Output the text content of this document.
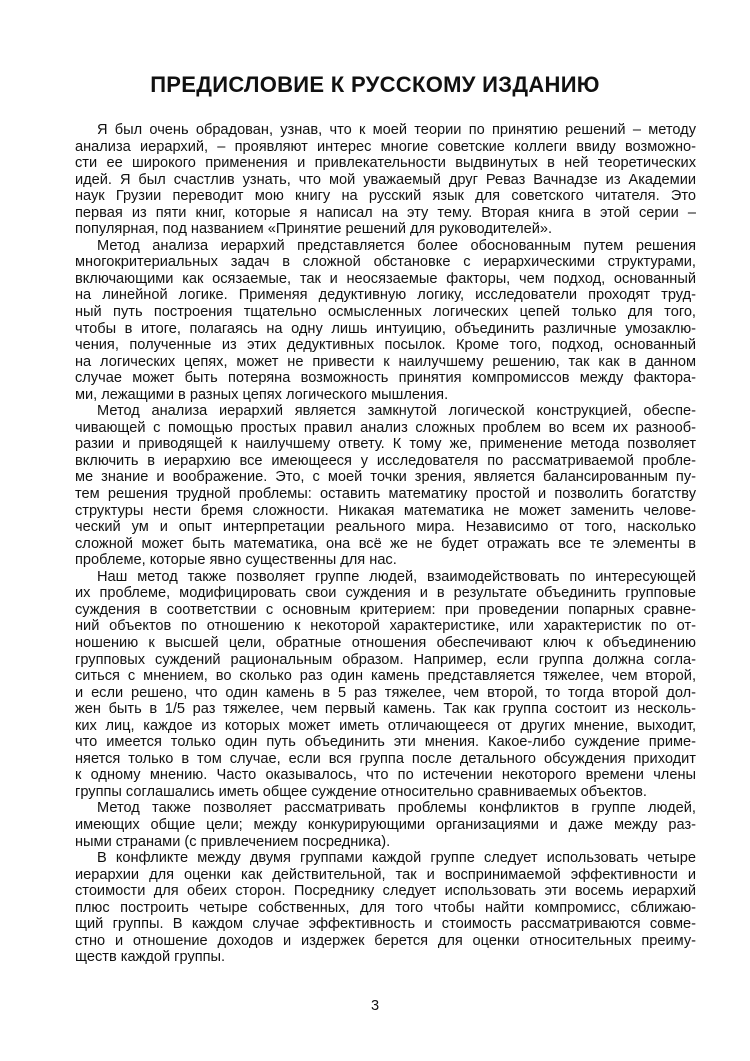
ПРЕДИСЛОВИЕ К РУССКОМУ ИЗДАНИЮ
Я был очень обрадован, узнав, что к моей теории по принятию решений – методу
анализа иерархий, – проявляют интерес многие советские коллеги ввиду возможно-
сти ее широкого применения и привлекательности выдвинутых в ней теоретических
идей. Я был счастлив узнать, что мой уважаемый друг Реваз Вачнадзе из Академии
наук Грузии переводит мою книгу на русский язык для советского читателя. Это
первая из пяти книг, которые я написал на эту тему. Вторая книга в этой серии –
популярная, под названием «Принятие решений для руководителей».
Метод анализа иерархий представляется более обоснованным путем решения
многокритериальных задач в сложной обстановке с иерархическими структурами,
включающими как осязаемые, так и неосязаемые факторы, чем подход, основанный
на линейной логике. Применяя дедуктивную логику, исследователи проходят труд-
ный путь построения тщательно осмысленных логических цепей только для того,
чтобы в итоге, полагаясь на одну лишь интуицию, объединить различные умозаклю-
чения, полученные из этих дедуктивных посылок. Кроме того, подход, основанный
на логических цепях, может не привести к наилучшему решению, так как в данном
случае может быть потеряна возможность принятия компромиссов между фактора-
ми, лежащими в разных цепях логического мышления.
Метод анализа иерархий является замкнутой логической конструкцией, обеспе-
чивающей с помощью простых правил анализ сложных проблем во всем их разнооб-
разии и приводящей к наилучшему ответу. К тому же, применение метода позволяет
включить в иерархию все имеющееся у исследователя по рассматриваемой пробле-
ме знание и воображение. Это, с моей точки зрения, является балансированным пу-
тем решения трудной проблемы: оставить математику простой и позволить богатству
структуры нести бремя сложности. Никакая математика не может заменить челове-
ческий ум и опыт интерпретации реального мира. Независимо от того, насколько
сложной может быть математика, она всё же не будет отражать все те элементы в
проблеме, которые явно существенны для нас.
Наш метод также позволяет группе людей, взаимодействовать по интересующей
их проблеме, модифицировать свои суждения и в результате объединить групповые
суждения в соответствии с основным критерием: при проведении попарных сравне-
ний объектов по отношению к некоторой характеристике, или характеристик по от-
ношению к высшей цели, обратные отношения обеспечивают ключ к объединению
групповых суждений рациональным образом. Например, если группа должна согла-
ситься с мнением, во сколько раз один камень представляется тяжелее, чем второй,
и если решено, что один камень в 5 раз тяжелее, чем второй, то тогда второй дол-
жен быть в 1/5 раз тяжелее, чем первый камень. Так как группа состоит из несколь-
ких лиц, каждое из которых может иметь отличающееся от других мнение, выходит,
что имеется только один путь объединить эти мнения. Какое-либо суждение приме-
няется только в том случае, если вся группа после детального обсуждения приходит
к одному мнению. Часто оказывалось, что по истечении некоторого времени члены
группы соглашались иметь общее суждение относительно сравниваемых объектов.
Метод также позволяет рассматривать проблемы конфликтов в группе людей,
имеющих общие цели; между конкурирующими организациями и даже между раз-
ными странами (с привлечением посредника).
В конфликте между двумя группами каждой группе следует использовать четыре
иерархии для оценки как действительной, так и воспринимаемой эффективности и
стоимости для обеих сторон. Посреднику следует использовать эти восемь иерархий
плюс построить четыре собственных, для того чтобы найти компромисс, сближаю-
щий группы. В каждом случае эффективность и стоимость рассматриваются совме-
стно и отношение доходов и издержек берется для оценки относительных преиму-
ществ каждой группы.
3
